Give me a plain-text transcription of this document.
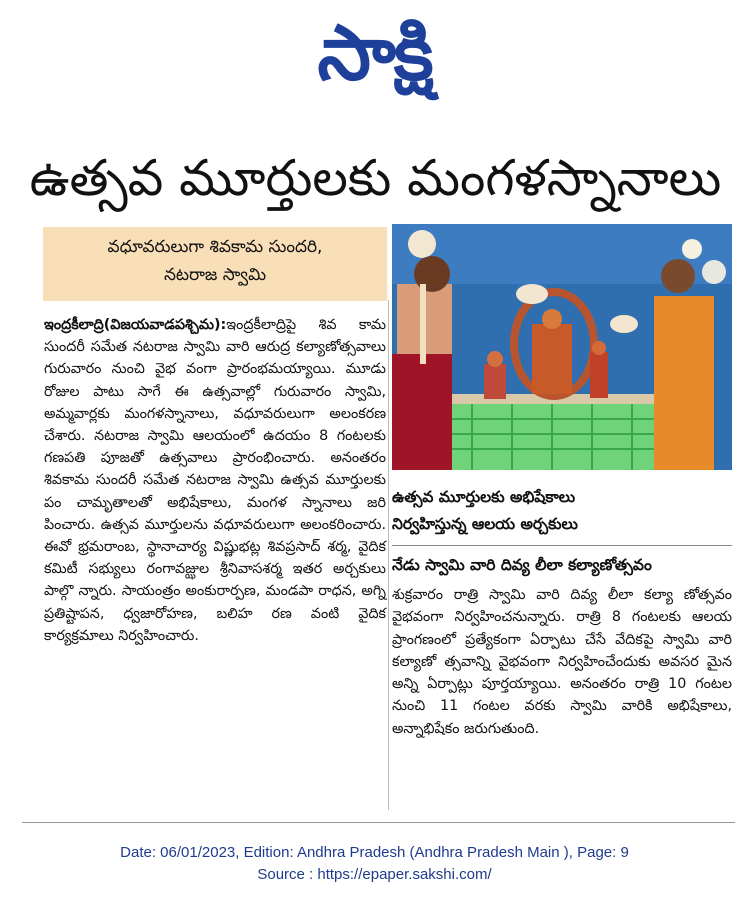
సాక్షి
ఉత్సవ మూర్తులకు మంగళస్నానాలు
వధూవరులుగా శివకామ సుందరి,
నటరాజ స్వామి
ఇంద్రకీలాద్రి(విజయవాడపశ్చిమ):ఇంద్రకీలాద్రిపై శివ కామ సుందరీ సమేత నటరాజ స్వామి వారి ఆరుద్ర కల్యాణోత్సవాలు గురువారం నుంచి వైభ వంగా ప్రారంభమయ్యాయి. మూడు రోజుల పాటు సాగే ఈ ఉత్సవాల్లో గురువారం స్వామి, అమ్మవార్లకు మంగళస్నానాలు, వధూవరులుగా అలంకరణ చేశారు. నటరాజ స్వామి ఆలయంలో ఉదయం 8 గంటలకు గణపతి పూజతో ఉత్సవాలు ప్రారంభించారు. అనంతరం శివకామ సుందరీ సమేత నటరాజ స్వామి ఉత్సవ మూర్తులకు పం చామృతాలతో అభిషేకాలు, మంగళ స్నానాలు జరి పించారు. ఉత్సవ మూర్తులను వధూవరులుగా అలంకరించారు. ఈవో భ్రమరాంబ, స్థానాచార్య విష్ణుభట్ల శివప్రసాద్ శర్మ, వైదిక కమిటీ సభ్యులు రంగావజ్ఝుల శ్రీనివాసశర్మ ఇతర అర్చకులు పాల్గొ న్నారు. సాయంత్రం అంకురార్పణ, మండపా రాధన, అగ్ని ప్రతిష్టాపన, ధ్వజారోహణ, బలిహ రణ వంటి వైదిక కార్యక్రమాలు నిర్వహించారు.
ఉత్సవ మూర్తులకు అభిషేకాలు
నిర్వహిస్తున్న ఆలయ అర్చకులు
నేడు స్వామి వారి దివ్య లీలా కల్యాణోత్సవం
శుక్రవారం రాత్రి స్వామి వారి దివ్య లీలా కల్యా ణోత్సవం వైభవంగా నిర్వహించనున్నారు. రాత్రి 8 గంటలకు ఆలయ ప్రాంగణంలో ప్రత్యేకంగా ఏర్పాటు చేసే వేదికపై స్వామి వారి కల్యాణో త్సవాన్ని వైభవంగా నిర్వహించేందుకు అవసర మైన అన్ని ఏర్పాట్లు పూర్తయ్యాయి. అనంతరం రాత్రి 10 గంటల నుంచి 11 గంటల వరకు స్వామి వారికి అభిషేకాలు, అన్నాభిషేకం జరుగుతుంది.
Date: 06/01/2023, Edition: Andhra Pradesh (Andhra Pradesh Main ), Page: 9
Source : https://epaper.sakshi.com/
